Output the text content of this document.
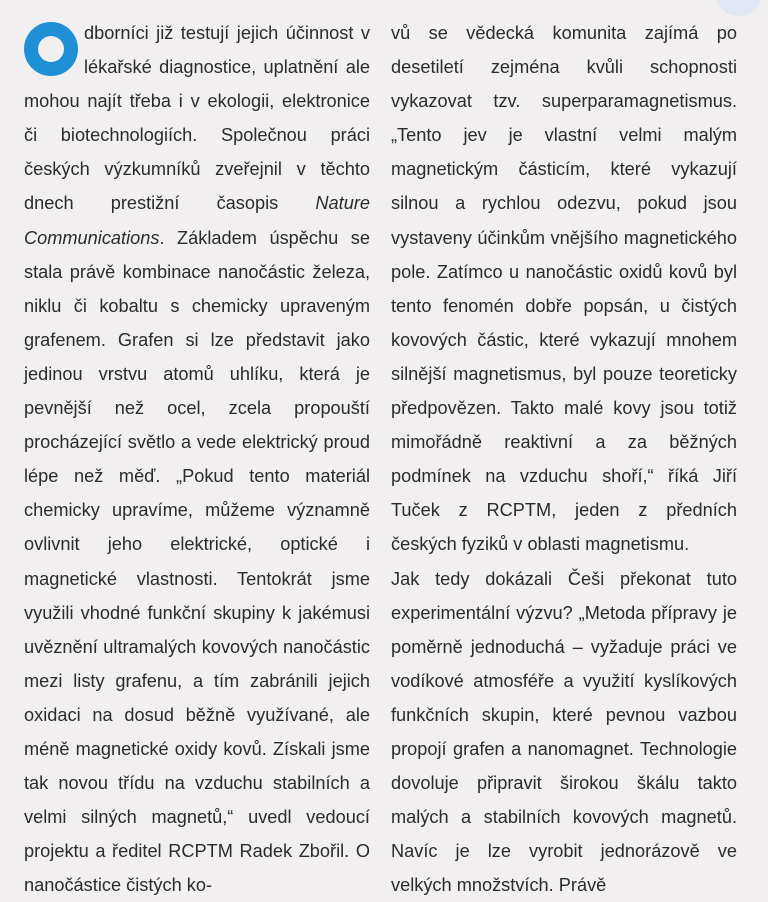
dborníci již testují jejich účinnost v lékařské diagnostice, uplatnění ale mohou najít třeba i v ekologii, elektronice či biotechnologiích. Společnou práci českých výzkumníků zveřejnil v těchto dnech prestižní časopis Nature Communications. Základem úspěchu se stala právě kombinace nanočástic železa, niklu či kobaltu s chemicky upraveným grafenem. Grafen si lze představit jako jedinou vrstvu atomů uhlíku, která je pevnější než ocel, zcela propouští procházející světlo a vede elektrický proud lépe než měď. „Pokud tento materiál chemicky upravíme, můžeme významně ovlivnit jeho elektrické, optické i magnetické vlastnosti. Tentokrát jsme využili vhodné funkční skupiny k jakémusi uvěznění ultramalých kovových nanočástic mezi listy grafenu, a tím zabránili jejich oxidaci na dosud běžně využívané, ale méně magnetické oxidy kovů. Získali jsme tak novou třídu na vzduchu stabilních a velmi silných magnetů,“ uvedl vedoucí projektu a ředitel RCPTM Radek Zbořil. O nanočástice čistých ko-

vů se vědecká komunita zajímá po desetiletí zejména kvůli schopnosti vykazovat tzv. superparamagnetismus. „Tento jev je vlastní velmi malým magnetickým částicím, které vykazují silnou a rychlou odezvu, pokud jsou vystaveny účinkům vnějšího magnetického pole. Zatímco u nanočástic oxidů kovů byl tento fenomén dobře popsán, u čistých kovových částic, které vykazují mnohem silnější magnetismus, byl pouze teoreticky předpovězen. Takto malé kovy jsou totiž mimořádně reaktivní a za běžných podmínek na vzduchu shoří,“ říká Jiří Tuček z RCPTM, jeden z předních českých fyziků v oblasti magnetismu.

Jak tedy dokázali Češi překonat tuto experimentální výzvu? „Metoda přípravy je poměrně jednoduchá – vyžaduje práci ve vodíkové atmosféře a využití kyslíkových funkčních skupin, které pevnou vazbou propojí grafen a nanomagnet. Technologie dovoluje připravit širokou škálu takto malých a stabilních kovových magnetů. Navíc je lze vyrobit jednorázově ve velkých množstvích. Právě
